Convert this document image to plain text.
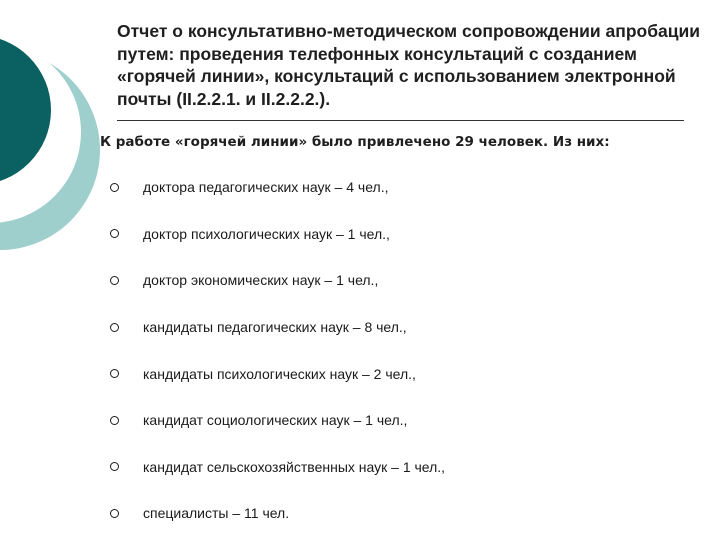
Отчет о консультативно-методическом сопровождении апробации путем: проведения телефонных консультаций с созданием «горячей линии», консультаций с использованием электронной почты (II.2.2.1. и II.2.2.2.).
К работе «горячей линии» было привлечено 29 человек. Из них:
доктора педагогических наук – 4 чел.,
доктор психологических наук – 1 чел.,
доктор экономических наук – 1 чел.,
кандидаты педагогических наук – 8 чел.,
кандидаты психологических наук – 2 чел.,
кандидат социологических наук – 1 чел.,
кандидат сельскохозяйственных наук – 1 чел.,
специалисты – 11 чел.
